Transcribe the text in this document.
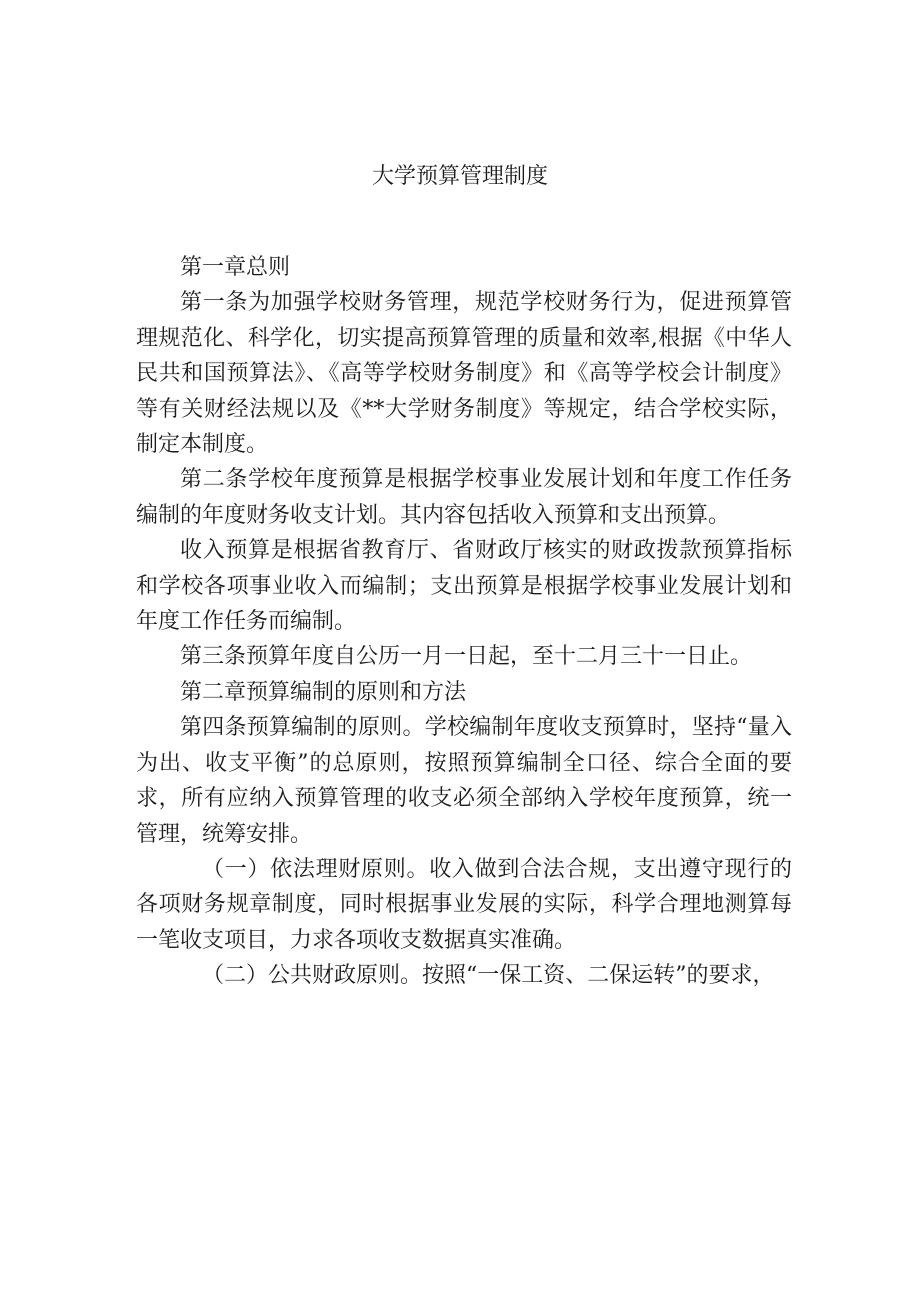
大学预算管理制度

第一章总则

第一条为加强学校财务管理，规范学校财务行为，促进预算管理规范化、科学化，切实提高预算管理的质量和效率,根据《中华人民共和国预算法》、《高等学校财务制度》和《高等学校会计制度》等有关财经法规以及《**大学财务制度》等规定，结合学校实际，制定本制度。

第二条学校年度预算是根据学校事业发展计划和年度工作任务编制的年度财务收支计划。其内容包括收入预算和支出预算。

收入预算是根据省教育厅、省财政厅核实的财政拨款预算指标和学校各项事业收入而编制；支出预算是根据学校事业发展计划和年度工作任务而编制。

第三条预算年度自公历一月一日起，至十二月三十一日止。

第二章预算编制的原则和方法

第四条预算编制的原则。学校编制年度收支预算时，坚持“量入为出、收支平衡”的总原则，按照预算编制全口径、综合全面的要求，所有应纳入预算管理的收支必须全部纳入学校年度预算，统一管理，统筹安排。

（一）依法理财原则。收入做到合法合规，支出遵守现行的各项财务规章制度，同时根据事业发展的实际，科学合理地测算每一笔收支项目，力求各项收支数据真实准确。

（二）公共财政原则。按照“一保工资、二保运转”的要求，
